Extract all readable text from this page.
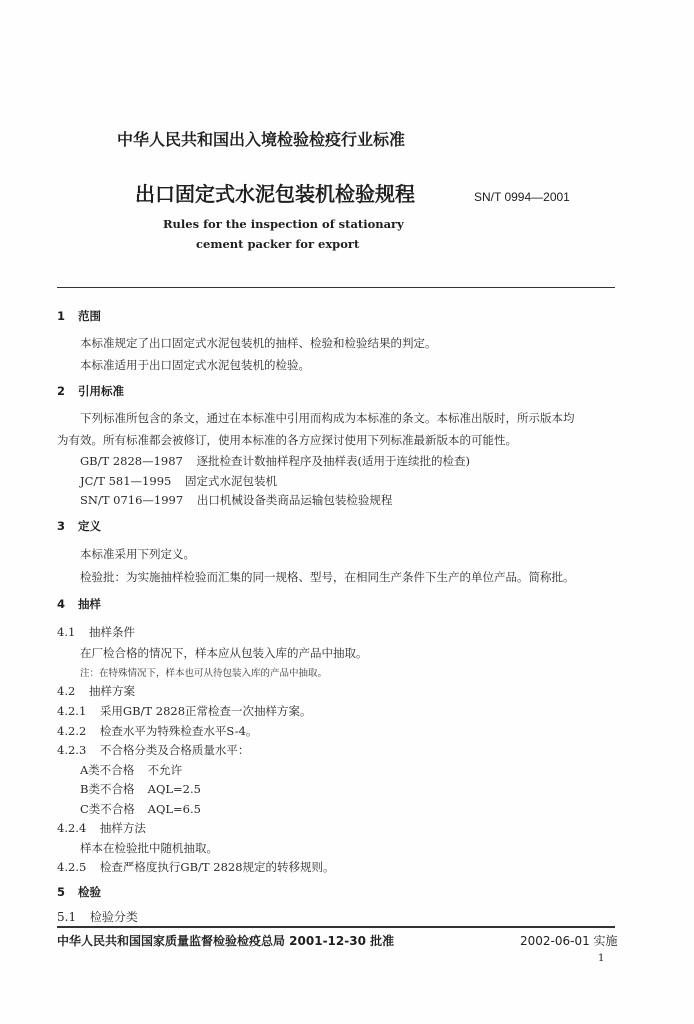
中华人民共和国出入境检验检疫行业标准
出口固定式水泥包装机检验规程	SN/T 0994—2001
Rules for the inspection of stationary
cement packer for export
1 范围
本标准规定了出口固定式水泥包装机的抽样、检验和检验结果的判定。
本标准适用于出口固定式水泥包装机的检验。
2 引用标准
下列标准所包含的条文，通过在本标准中引用而构成为本标准的条文。本标准出版时，所示版本均
为有效。所有标准都会被修订，使用本标准的各方应探讨使用下列标准最新版本的可能性。
GB/T 2828—1987 逐批检查计数抽样程序及抽样表(适用于连续批的检查)
JC/T 581—1995 固定式水泥包装机
SN/T 0716—1997 出口机械设备类商品运输包装检验规程
3 定义
本标准采用下列定义。
检验批：为实施抽样检验而汇集的同一规格、型号，在相同生产条件下生产的单位产品。简称批。
4 抽样
4.1 抽样条件
在厂检合格的情况下，样本应从包装入库的产品中抽取。
注：在特殊情况下，样本也可从待包装入库的产品中抽取。
4.2 抽样方案
4.2.1 采用GB/T 2828正常检查一次抽样方案。
4.2.2 检查水平为特殊检查水平S-4。
4.2.3 不合格分类及合格质量水平：
A类不合格 不允许
B类不合格 AQL=2.5
C类不合格 AQL=6.5
4.2.4 抽样方法
样本在检验批中随机抽取。
4.2.5 检查严格度执行GB/T 2828规定的转移规则。
5 检验
5.1 检验分类
中华人民共和国国家质量监督检验检疫总局 2001-12-30 批准	2002-06-01 实施
1
